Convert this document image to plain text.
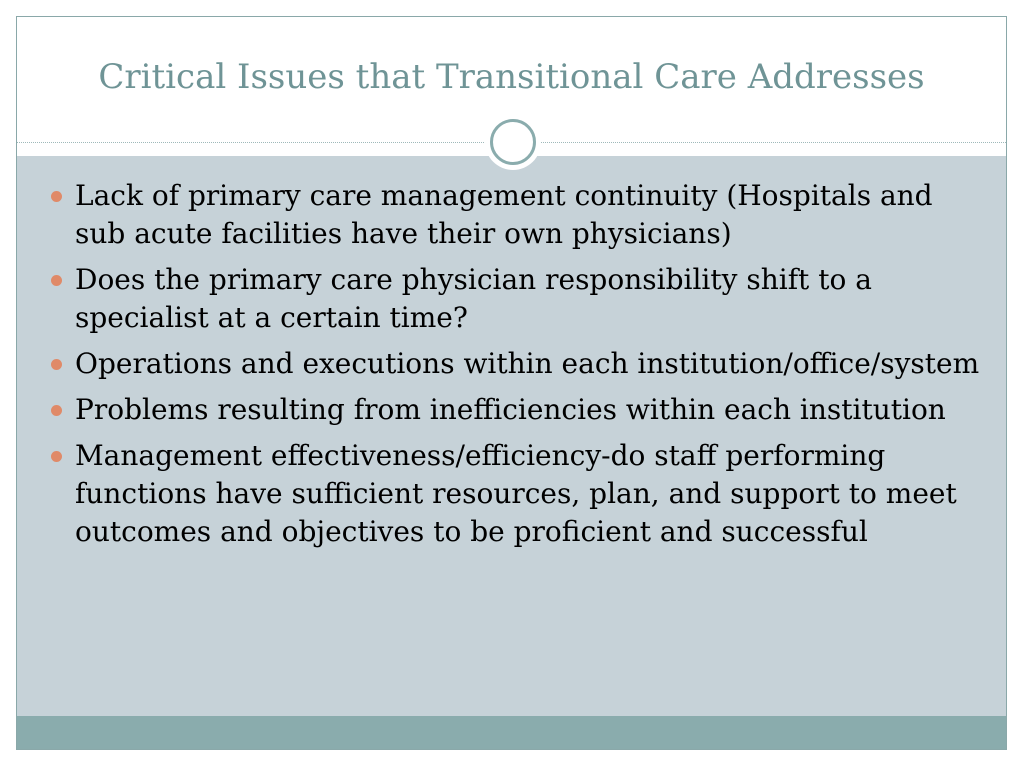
Critical Issues that Transitional Care Addresses
Lack of primary care management continuity (Hospitals and sub acute facilities have their own physicians)
Does the primary care physician responsibility shift to a specialist at a certain time?
Operations and executions within each institution/office/system
Problems resulting from inefficiencies within each institution
Management effectiveness/efficiency-do staff performing functions have sufficient resources, plan, and support to meet outcomes and objectives to be proficient and successful
